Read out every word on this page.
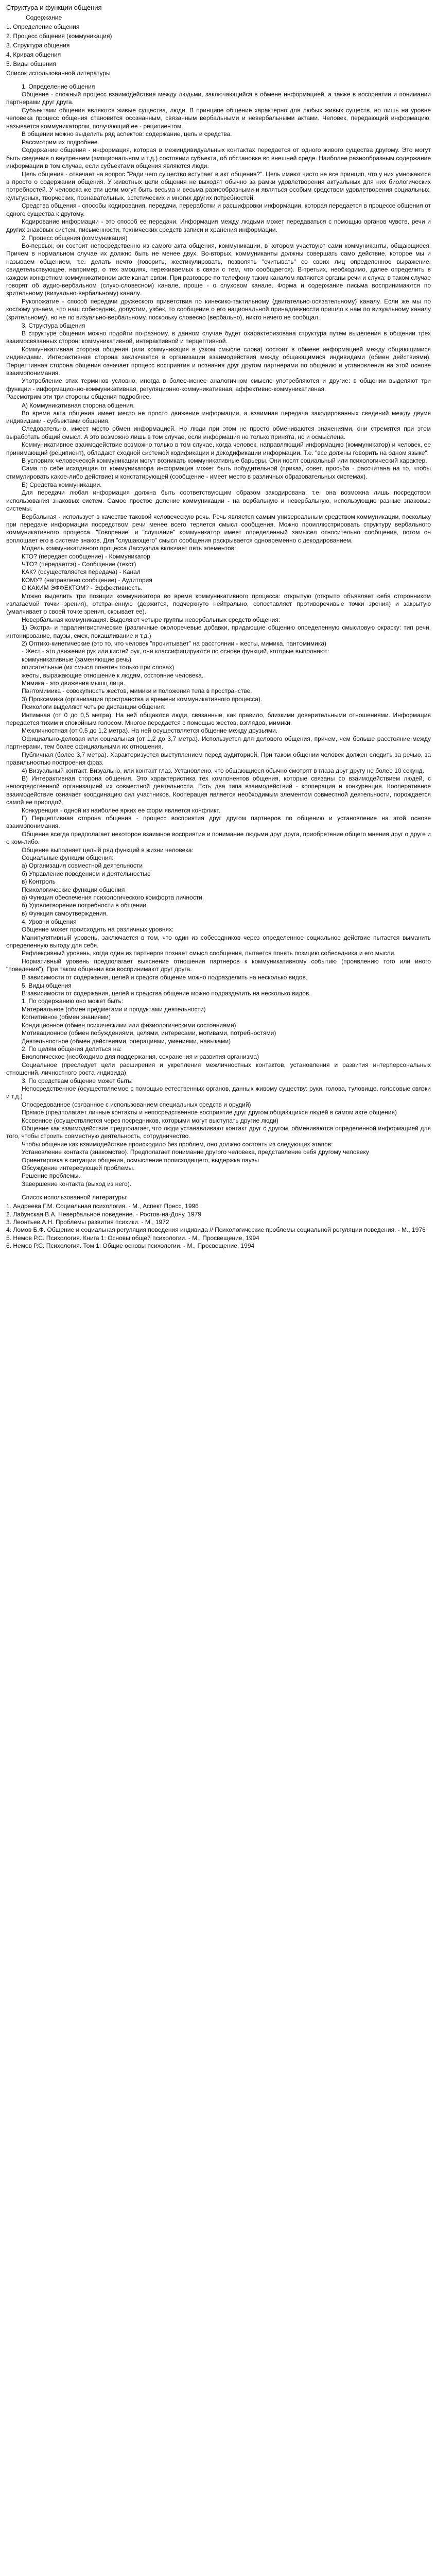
Структура и функции общения
Содержание
1. Определение общения
2. Процесс общения (коммуникация)
3. Структура общения
4. Кривая общения
5. Виды общения
Список использованной литературы
1. Определение общения
Общение - сложный процесс взаимодействия между людьми, заключающийся в обмене информацией, а также в восприятии и понимании партнерами друг друга.
Субъектами общения являются живые существа, люди. В принципе общение характерно для любых живых существ, но лишь на уровне человека процесс общения становится осознанным, связанным вербальными и невербальными актами. Человек, передающий информацию, называется коммуникатором, получающий ее - реципиентом.
В общении можно выделить ряд аспектов: содержание, цель и средства.
Рассмотрим их подробнее.
Содержание общения - информация, которая в межиндивидуальных контактах передается от одного живого существа другому. Это могут быть сведения о внутреннем (эмоциональном и т.д.) состоянии субъекта, об обстановке во внешней среде. Наиболее разнообразным содержание информации в том случае, если субъектами общения являются люди.
Цель общения - отвечает на вопрос "Ради чего существо вступает в акт общения?". Цель имеют чисто не все принцип, что у них умножаются в просто о содержании общения. У животных цели общения не выходят обычно за рамки удовлетворения актуальных для них биологических потребностей. У человека же эти цели могут быть весьма и весьма разнообразными и являться особым средством удовлетворения социальных, культурных, творческих, познавательных, эстетических и многих других потребностей.
Средства общения - способы кодирования, передачи, переработки и расшифровки информации, которая передается в процессе общения от одного существа к другому.
Кодирование информации - это способ ее передачи. Информация между людьми может передаваться с помощью органов чувств, речи и других знаковых систем, письменности, технических средств записи и хранения информации.
2. Процесс общения (коммуникация)
Во-первых, он состоит непосредственно из самого акта общения, коммуникации, в котором участвуют сами коммуниканты, общающиеся. Причем в нормальном случае их должно быть не менее двух. Во-вторых, коммуниканты должны совершать само действие, которое мы и называем общением, т.е. делать нечто (говорить, жестикулировать, позволять "считывать" со своих лиц определенное выражение, свидетельствующее, например, о тех эмоциях, переживаемых в связи с тем, что сообщается). В-третьих, необходимо, далее определить в каждом конкретном коммуникативном акте канал связи. При разговоре по телефону таким каналом являются органы речи и слуха; в таком случае говорят об аудио-вербальном (слухо-словесном) канале, проще - о слуховом канале. Форма и содержание письма воспринимаются по зрительному (визуально-вербальному) каналу.
Рукопожатие - способ передачи дружеского приветствия по кинесико-тактильному (двигательно-осязательному) каналу. Если же мы по костюму узнаем, что наш собеседник, допустим, узбек, то сообщение о его национальной принадлежности пришло к нам по визуальному каналу (зрительному), но не по визуально-вербальному, поскольку словесно (вербально), никто ничего не сообщал.
3. Структура общения
В структуре общения можно подойти по-разному, в данном случае будет охарактеризована структура путем выделения в общении трех взаимосвязанных сторон: коммуникативной, интерактивной и перцептивной.
Коммуникативная сторона общения (или коммуникация в узком смысле слова) состоит в обмене информацией между общающимися индивидами. Интерактивная сторона заключается в организации взаимодействия между общающимися индивидами (обмен действиями). Перцептивная сторона общения означает процесс восприятия и познания друг другом партнерами по общению и установления на этой основе взаимопонимания.
Употребление этих терминов условно, иногда в более-менее аналогичном смысле употребляются и другие: в общении выделяют три функции - информационно-коммуникативная, регуляционно-коммуникативная, аффективно-коммуникативная.
Рассмотрим эти три стороны общения подробнее.
А) Коммуникативная сторона общения.
Во время акта общения имеет место не просто движение информации, а взаимная передача закодированных сведений между двумя индивидами - субъектами общения.
Следовательно, имеет место обмен информацией. Но люди при этом не просто обмениваются значениями, они стремятся при этом выработать общий смысл. А это возможно лишь в том случае, если информация не только принята, но и осмыслена.
Коммуникативное взаимодействие возможно только в том случае, когда человек, направляющий информацию (коммуникатор) и человек, ее принимающий (реципиент), обладают сходной системой кодификации и декодификации информации. Т.е. "все должны говорить на одном языке".
В условиях человеческой коммуникации могут возникать коммуникативные барьеры. Они носят социальный или психологический характер.
Сама по себе исходящая от коммуникатора информация может быть побудительной (приказ, совет, просьба - рассчитана на то, чтобы стимулировать какое-либо действие) и констатирующей (сообщение - имеет место в различных образовательных системах).
Б) Средства коммуникации.
Для передачи любая информация должна быть соответствующим образом закодирована, т.е. она возможна лишь посредством использования знаковых систем. Самое простое деление коммуникации - на вербальную и невербальную, использующие разные знаковые системы.
Вербальная - использует в качестве таковой человеческую речь. Речь является самым универсальным средством коммуникации, поскольку при передаче информации посредством речи менее всего теряется смысл сообщения. Можно проиллюстрировать структуру вербального коммуникативного процесса. "Говорение" и "слушание" коммуникатор имеет определенный замысел относительно сообщения, потом он воплощает его в системе знаков. Для "слушающего" смысл сообщения раскрывается одновременно с декодированием.
Модель коммуникативного процесса Лассуэлла включает пять элементов:
КТО? (передает сообщение) - Коммуникатор
ЧТО? (передается) - Сообщение (текст)
КАК? (осуществляется передача) - Канал
КОМУ? (направлено сообщение) - Аудитория
С КАКИМ ЭФФЕКТОМ? - Эффективность.
Можно выделить три позиции коммуникатора во время коммуникативного процесса: открытую (открыто объявляет себя сторонником излагаемой точки зрения), отстраненную (держится, подчеркнуто нейтрально, сопоставляет противоречивые точки зрения) и закрытую (умалчивает о своей точке зрения, скрывает ее).
Невербальная коммуникация. Выделяют четыре группы невербальных средств общения:
1) Экстра- и паралингвистические (различные околоречевые добавки, придающие общению определенную смысловую окраску: тип речи, интонирование, паузы, смех, покашливание и т.д.)
2) Оптико-кинетические (это то, что человек "прочитывает" на расстоянии - жесты, мимика, пантомимика)
- Жест - это движения рук или кистей рук, они классифицируются по основе функций, которые выполняют:
коммуникативные (заменяющие речь)
описательные (их смысл понятен только при словах)
жесты, выражающие отношение к людям, состояние человека.
Мимика - это движения мышц лица.
Пантомимика - совокупность жестов, мимики и положения тела в пространстве.
3) Проксемика (организация пространства и времени коммуникативного процесса).
Психологи выделяют четыре дистанции общения:
Интимная (от 0 до 0,5 метра). На ней общаются люди, связанные, как правило, близкими доверительными отношениями. Информация передается тихим и спокойным голосом. Многое передается с помощью жестов, взглядов, мимики.
Межличностная (от 0,5 до 1,2 метра). На ней осуществляется общение между друзьями.
Официально-деловая или социальная (от 1,2 до 3,7 метра). Используется для делового общения, причем, чем больше расстояние между партнерами, тем более официальными их отношения.
Публичная (более 3,7 метра). Характеризуется выступлением перед аудиторией. При таком общении человек должен следить за речью, за правильностью построения фраз.
4) Визуальный контакт. Визуально, или контакт глаз. Установлено, что общающиеся обычно смотрят в глаза друг другу не более 10 секунд.
В) Интерактивная сторона общения. Это характеристика тех компонентов общения, которые связаны со взаимодействием людей, с непосредственной организацией их совместной деятельности. Есть два типа взаимодействий - кооперация и конкуренция. Кооперативное взаимодействие означает координацию сил участников. Кооперация является необходимым элементом совместной деятельности, порождается самой ее природой.
Конкуренция - одной из наиболее ярких ее форм является конфликт.
Г) Перцептивная сторона общения - процесс восприятия друг другом партнеров по общению и установление на этой основе взаимопонимания.
Общение всегда предполагает некоторое взаимное восприятие и понимание людьми друг друга, приобретение общего мнения друг о друге и о ком-либо.
Общение выполняет целый ряд функций в жизни человека:
Социальные функции общения:
а) Организация совместной деятельности
б) Управление поведением и деятельностью
в) Контроль
Психологические функции общения
а) Функция обеспечения психологического комфорта личности.
б) Удовлетворение потребности в общении.
в) Функция самоутверждения.
4. Уровни общения
Общение может происходить на различных уровнях:
Манипулятивный уровень, заключается в том, что один из собеседников через определенное социальное действие пытается выманить определенную выгоду для себя.
Рефлексивный уровень, когда один из партнеров познает смысл сообщения, пытается понять позицию собеседника и его мысли.
Нормативный уровень предполагает выяснение отношения партнеров к коммуникативному событию (проявлению того или иного "поведения"). При таком общении все воспринимают друг друга.
В зависимости от содержания, целей и средств общение можно подразделить на несколько видов.
5. Виды общения
В зависимости от содержания, целей и средства общение можно подразделить на несколько видов.
1. По содержанию оно может быть:
Материальное (обмен предметами и продуктами деятельности)
Когнитивное (обмен знаниями)
Кондиционное (обмен психическими или физиологическими состояниями)
Мотивационное (обмен побуждениями, целями, интересами, мотивами, потребностями)
Деятельностное (обмен действиями, операциями, умениями, навыками)
2. По целям общения делиться на:
Биологическое (необходимо для поддержания, сохранения и развития организма)
Социальное (преследует цели расширения и укрепления межличностных контактов, установления и развития интерперсональных отношений, личностного роста индивида)
3. По средствам общение может быть:
Непосредственное (осуществляемое с помощью естественных органов, данных живому существу: руки, голова, туловище, голосовые связки и т.д.)
Опосредованное (связанное с использованием специальных средств и орудий)
Прямое (предполагает личные контакты и непосредственное восприятие друг другом общающихся людей в самом акте общения)
Косвенное (осуществляется через посредников, которыми могут выступать другие люди)
Общение как взаимодействие предполагает, что люди устанавливают контакт друг с другом, обмениваются определенной информацией для того, чтобы строить совместную деятельность, сотрудничество.
Чтобы общение как взаимодействие происходило без проблем, оно должно состоять из следующих этапов:
Установление контакта (знакомство). Предполагает понимание другого человека, представление себя другому человеку
Ориентировка в ситуации общения, осмысление происходящего, выдержка паузы
Обсуждение интересующей проблемы.
Решение проблемы.
Завершение контакта (выход из него).
Список использованной литературы:
1. Андреева Г.М. Социальная психология. - М., Аспект Пресс, 1996
2. Лабунская В.А. Невербальное поведение. - Ростов-на-Дону, 1979
3. Леонтьев А.Н. Проблемы развития психики. - М., 1972
4. Ломов Б.Ф. Общение и социальная регуляция поведения индивида // Психологические проблемы социальной регуляции поведения. - М., 1976
5. Немов Р.С. Психология. Книга 1: Основы общей психологии. - М., Просвещение, 1994
6. Немов Р.С. Психология. Том 1: Общие основы психологии. - М., Просвещение, 1994
